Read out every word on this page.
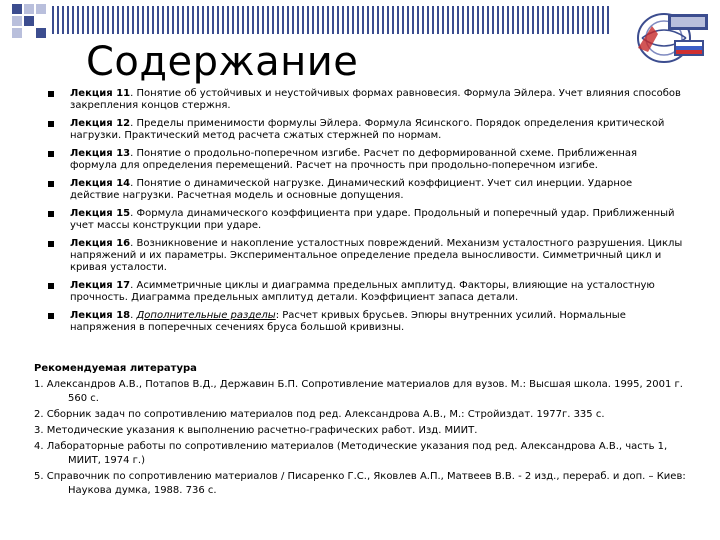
Содержание
Лекция 11. Понятие об устойчивых и неустойчивых формах равновесия. Формула Эйлера. Учет влияния способов закрепления концов стержня.
Лекция 12. Пределы применимости формулы Эйлера. Формула Ясинского. Порядок определения критической нагрузки. Практический метод расчета сжатых стержней по нормам.
Лекция 13. Понятие о продольно-поперечном изгибе. Расчет по деформированной схеме. Приближенная формула для определения перемещений. Расчет на прочность при продольно-поперечном изгибе.
Лекция 14. Понятие о динамической нагрузке. Динамический коэффициент. Учет сил инерции. Ударное действие нагрузки. Расчетная модель и основные допущения.
Лекция 15. Формула динамического коэффициента при ударе. Продольный и поперечный удар. Приближенный учет массы конструкции при ударе.
Лекция 16. Возникновение и накопление усталостных повреждений. Механизм усталостного разрушения. Циклы напряжений и их параметры. Экспериментальное определение предела выносливости. Симметричный цикл и кривая усталости.
Лекция 17. Асимметричные циклы и диаграмма предельных амплитуд. Факторы, влияющие на усталостную прочность. Диаграмма предельных амплитуд детали. Коэффициент запаса детали.
Лекция 18. Дополнительные разделы: Расчет кривых брусьев. Эпюры внутренних усилий. Нормальные напряжения в поперечных сечениях бруса большой кривизны.
Рекомендуемая литература
1. Александров А.В., Потапов В.Д., Державин Б.П. Сопротивление материалов для вузов. М.: Высшая школа. 1995, 2001 г. 560 с.
2. Сборник задач по сопротивлению материалов под ред. Александрова А.В., М.: Стройиздат. 1977г. 335 с.
3. Методические указания к выполнению расчетно-графических работ. Изд. МИИТ.
4. Лабораторные работы по сопротивлению материалов (Методические указания под ред. Александрова А.В., часть 1, МИИТ, 1974 г.)
5. Справочник по сопротивлению материалов / Писаренко Г.С., Яковлев А.П., Матвеев В.В. - 2 изд., перераб. и доп. – Киев: Наукова думка, 1988. 736 с.
